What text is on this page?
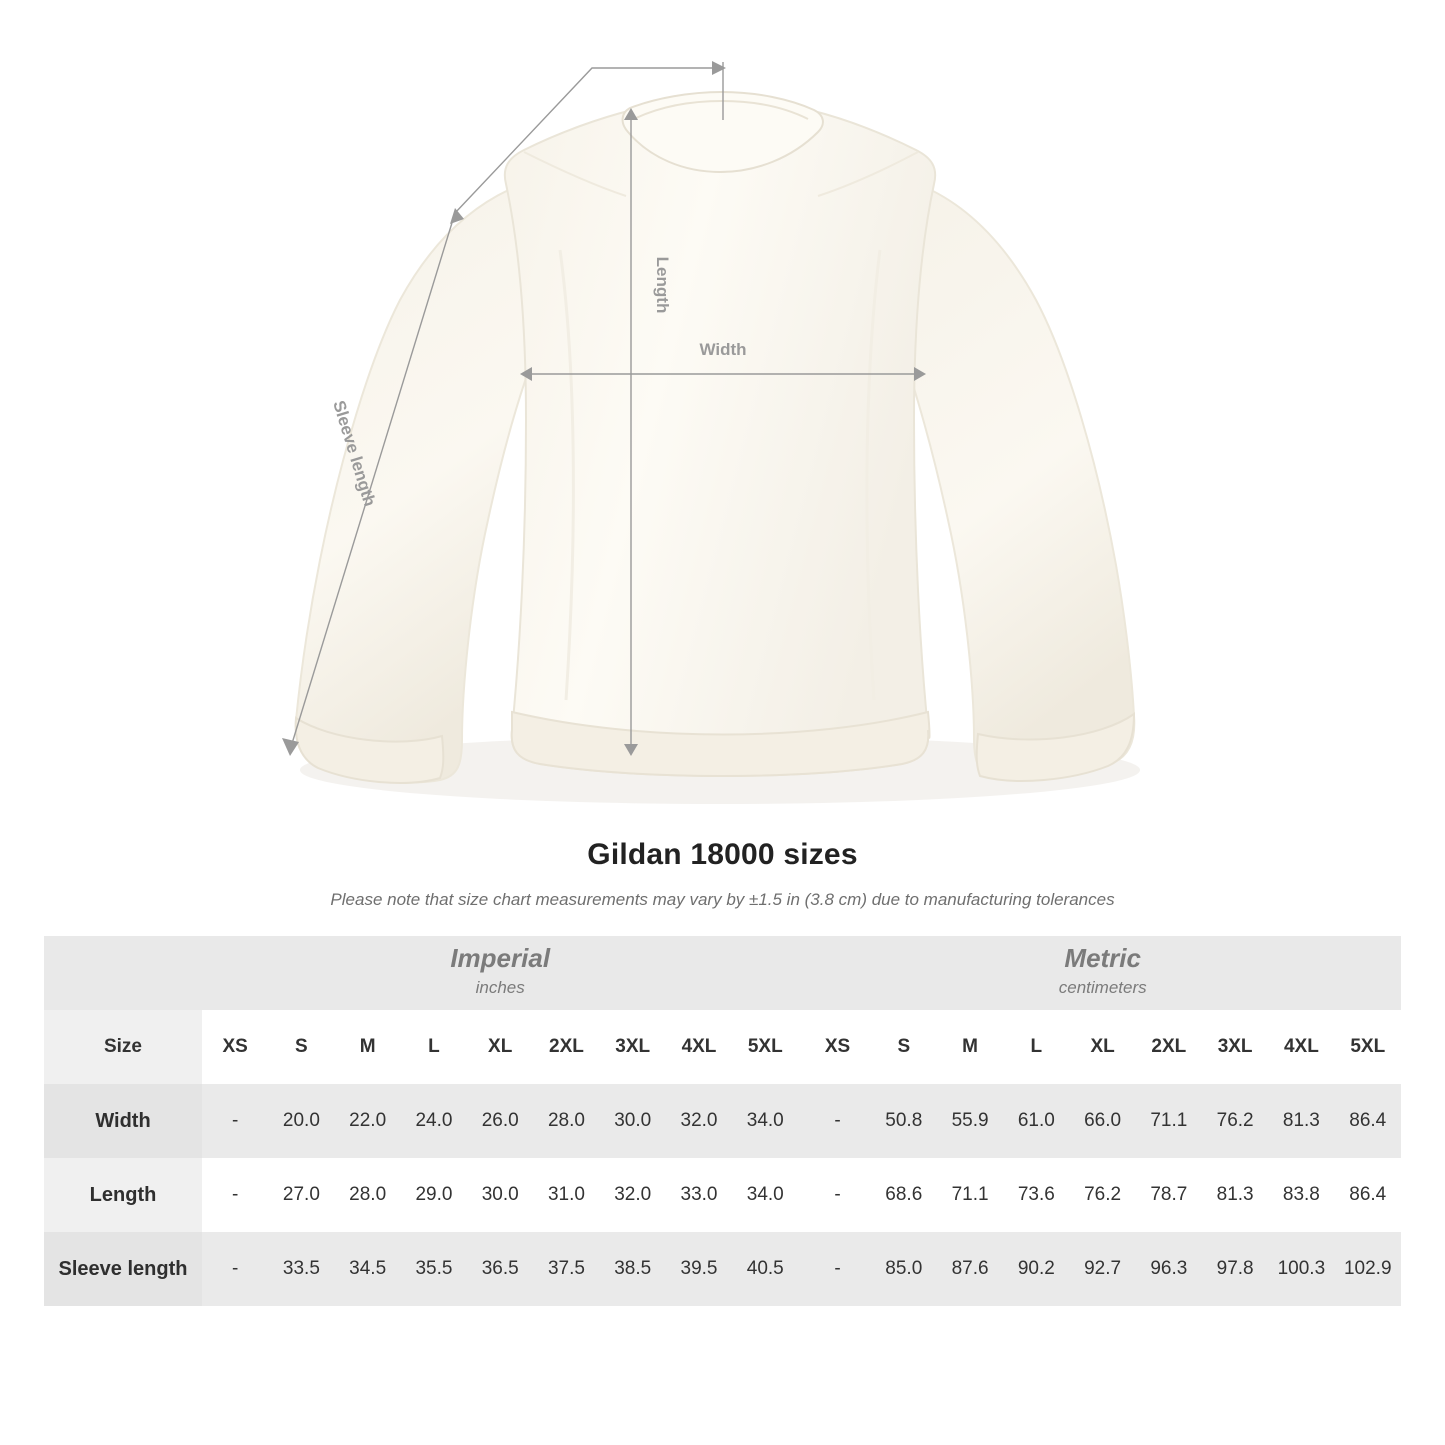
Length
Width
Sleeve length
Gildan 18000 sizes
Please note that size chart measurements may vary by ±1.5 in (3.8 cm) due to manufacturing tolerances

Imperial
inches

Metric
centimeters

Size	XS	S	M	L	XL	2XL	3XL	4XL	5XL		XS	S	M	L	XL	2XL	3XL	4XL	5XL
Width	-	20.0	22.0	24.0	26.0	28.0	30.0	32.0	34.0		-	50.8	55.9	61.0	66.0	71.1	76.2	81.3	86.4
Length	-	27.0	28.0	29.0	30.0	31.0	32.0	33.0	34.0		-	68.6	71.1	73.6	76.2	78.7	81.3	83.8	86.4
Sleeve length	-	33.5	34.5	35.5	36.5	37.5	38.5	39.5	40.5		-	85.0	87.6	90.2	92.7	96.3	97.8	100.3	102.9
